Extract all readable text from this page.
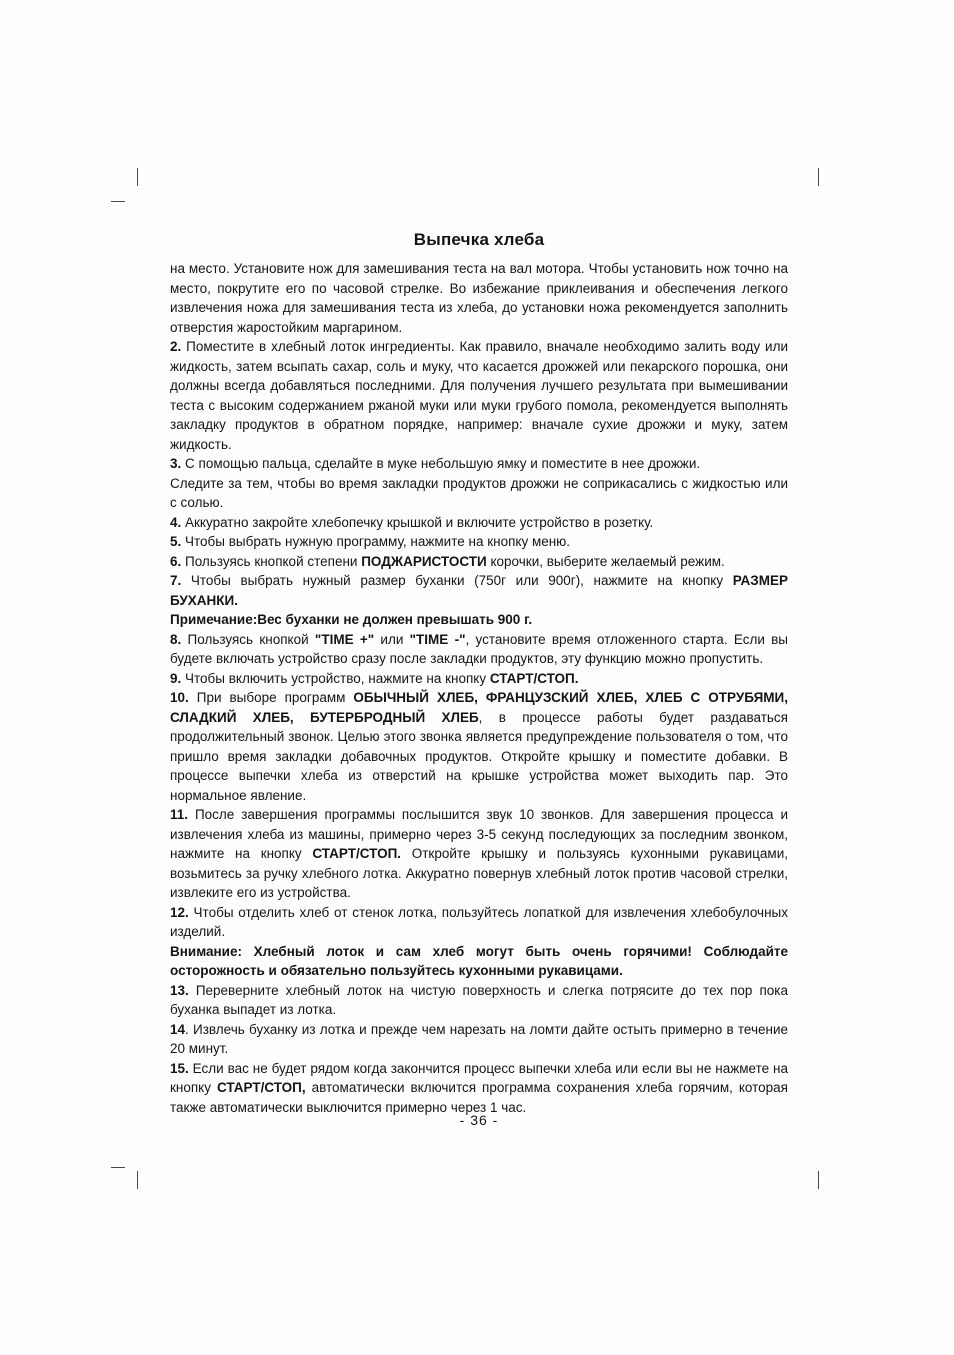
Выпечка хлеба

на место. Установите нож для замешивания теста на вал мотора. Чтобы установить нож точно на место, покрутите его по часовой стрелке. Во избежание приклеивания и обеспечения легкого извлечения ножа для замешивания теста из хлеба, до установки ножа рекомендуется заполнить отверстия жаростойким маргарином.

2. Поместите в хлебный лоток ингредиенты. Как правило, вначале необходимо залить воду или жидкость, затем всыпать сахар, соль и муку, что касается дрожжей или пекарского порошка, они должны всегда добавляться последними. Для получения лучшего результата при вымешивании теста с высоким содержанием ржаной муки или муки грубого помола, рекомендуется выполнять закладку продуктов в обратном порядке, например: вначале сухие дрожжи и муку, затем жидкость.

3. С помощью пальца, сделайте в муке небольшую ямку и поместите в нее дрожжи.

Следите за тем, чтобы во время закладки продуктов дрожжи не соприкасались с жидкостью или с солью.

4. Аккуратно закройте хлебопечку крышкой и включите устройство в розетку.

5. Чтобы выбрать нужную программу, нажмите на кнопку меню.

6. Пользуясь кнопкой степени ПОДЖАРИСТОСТИ корочки, выберите желаемый режим.

7. Чтобы выбрать нужный размер буханки (750г или 900г), нажмите на кнопку РАЗМЕР БУХАНКИ.

Примечание:Вес буханки не должен превышать 900 г.

8. Пользуясь кнопкой "TIME +" или "TIME -", установите время отложенного старта. Если вы будете включать устройство сразу после закладки продуктов, эту функцию можно пропустить.

9. Чтобы включить устройство, нажмите на кнопку СТАРТ/СТОП.

10. При выборе программ ОБЫЧНЫЙ ХЛЕБ, ФРАНЦУЗСКИЙ ХЛЕБ, ХЛЕБ С ОТРУБЯМИ, СЛАДКИЙ ХЛЕБ, БУТЕРБРОДНЫЙ ХЛЕБ, в процессе работы будет раздаваться продолжительный звонок. Целью этого звонка является предупреждение пользователя о том, что пришло время закладки добавочных продуктов. Откройте крышку и поместите добавки. В процессе выпечки хлеба из отверстий на крышке устройства может выходить пар. Это нормальное явление.

11. После завершения программы послышится звук 10 звонков. Для завершения процесса и извлечения хлеба из машины, примерно через 3-5 секунд последующих за последним звонком, нажмите на кнопку СТАРТ/СТОП. Откройте крышку и пользуясь кухонными рукавицами, возьмитесь за ручку хлебного лотка. Аккуратно повернув хлебный лоток против часовой стрелки, извлеките его из устройства.

12. Чтобы отделить хлеб от стенок лотка, пользуйтесь лопаткой для извлечения хлебобулочных изделий.

Внимание: Хлебный лоток и сам хлеб могут быть очень горячими! Соблюдайте осторожность и обязательно пользуйтесь кухонными рукавицами.

13. Переверните хлебный лоток на чистую поверхность и слегка потрясите до тех пор пока буханка выпадет из лотка.

14. Извлечь буханку из лотка и прежде чем нарезать на ломти дайте остыть примерно в течение 20 минут.

15. Если вас не будет рядом когда закончится процесс выпечки хлеба или если вы не нажмете на кнопку СТАРТ/СТОП, автоматически включится программа сохранения хлеба горячим, которая также автоматически выключится примерно через 1 час.

- 36 -
